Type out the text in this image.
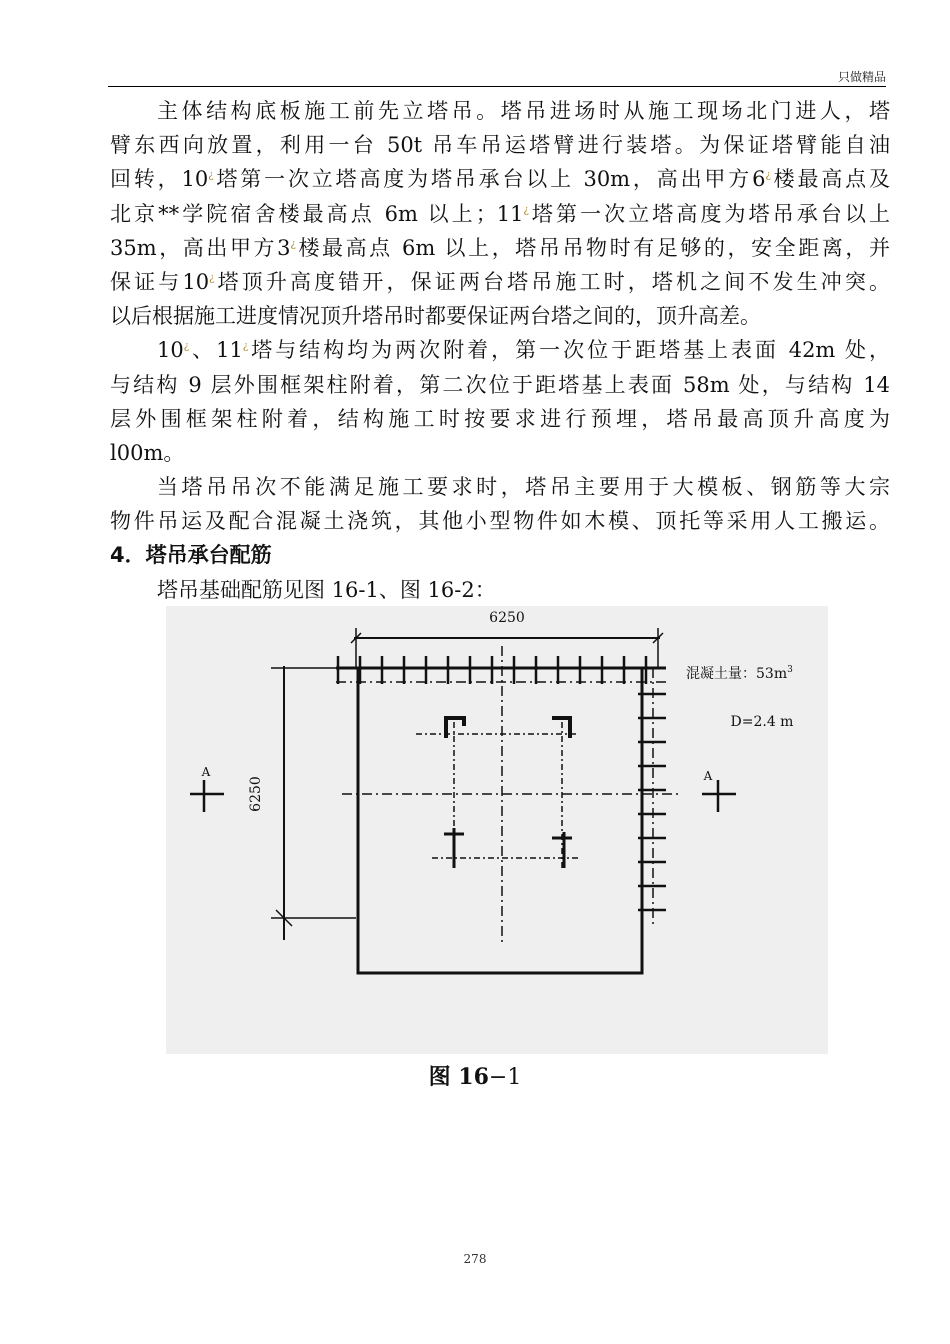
只做精品
主体结构底板施工前先立塔吊。塔吊进场时从施工现场北门进人，塔
臂东西向放置，利用一台 50t 吊车吊运塔臂进行装塔。为保证塔臂能自油
回转，10¿塔第一次立塔高度为塔吊承台以上 30m，高出甲方6¿楼最高点及
北京**学院宿舍楼最高点 6m 以上；11¿塔第一次立塔高度为塔吊承台以上
35m，高出甲方3¿楼最高点 6m 以上，塔吊吊物时有足够的，安全距离，并
保证与10¿塔顶升高度错开，保证两台塔吊施工时，塔机之间不发生冲突。
以后根据施工进度情况顶升塔吊时都要保证两台塔之间的，顶升高差。
10¿、11¿塔与结构均为两次附着，第一次位于距塔基上表面 42m 处，
与结构 9 层外围框架柱附着，第二次位于距塔基上表面 58m 处，与结构 14
层外围框架柱附着，结构施工时按要求进行预埋，塔吊最高顶升高度为
l00m。
当塔吊吊次不能满足施工要求时，塔吊主要用于大模板、钢筋等大宗
物件吊运及配合混凝土浇筑，其他小型物件如木模、顶托等采用人工搬运。
4．塔吊承台配筋
塔吊基础配筋见图 16-1、图 16-2：
6250
6250
混凝土量：$53m^3$
D=2.4 m
A	A
图 16−1
278
